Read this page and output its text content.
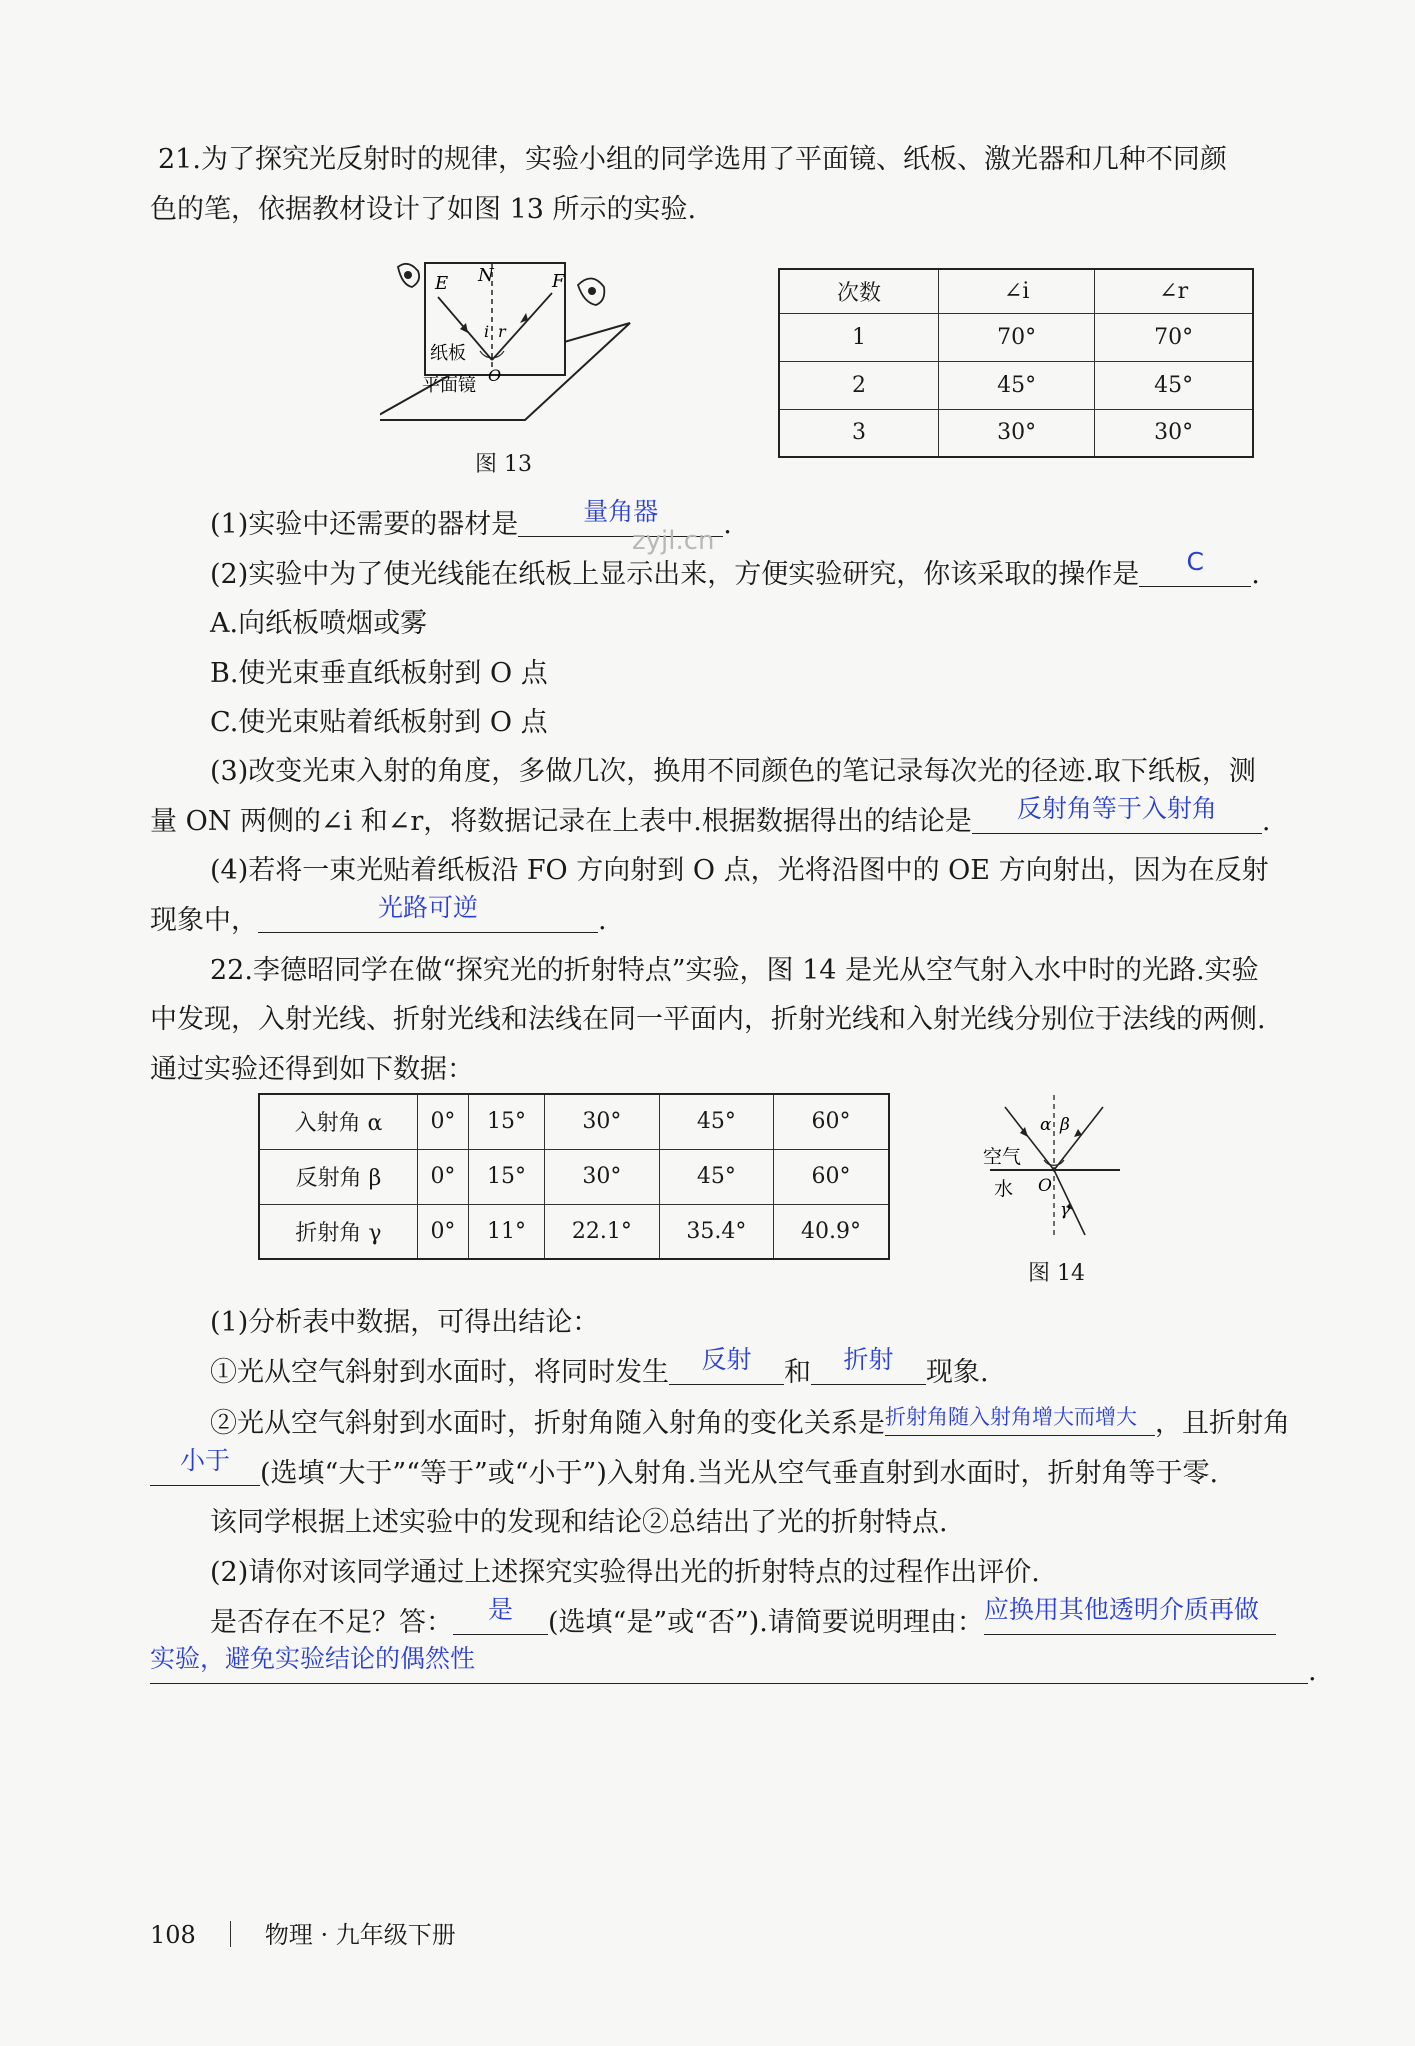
21.为了探究光反射时的规律，实验小组的同学选用了平面镜、纸板、激光器和几种不同颜
色的笔，依据教材设计了如图 13 所示的实验.
E N	F
i r
O
纸板
平面镜
图 13
次数	∠i	∠r
1	70°	70°
2	45°	45°
3	30°	30°
(1)实验中还需要的器材是	量角器	.
zyjl.cn
(2)实验中为了使光线能在纸板上显示出来，方便实验研究，你该采取的操作是	C	.
A.向纸板喷烟或雾
B.使光束垂直纸板射到 O 点
C.使光束贴着纸板射到 O 点
(3)改变光束入射的角度，多做几次，换用不同颜色的笔记录每次光的径迹.取下纸板，测
量 ON 两侧的∠i 和∠r，将数据记录在上表中.根据数据得出的结论是	反射角等于入射角	.
(4)若将一束光贴着纸板沿 FO 方向射到 O 点，光将沿图中的 OE 方向射出，因为在反射
现象中，	光路可逆	.
22.李德昭同学在做“探究光的折射特点”实验，图 14 是光从空气射入水中时的光路.实验
中发现，入射光线、折射光线和法线在同一平面内，折射光线和入射光线分别位于法线的两侧.
通过实验还得到如下数据：
入射角 α	0°	15°	30°	45°	60°
反射角 β	0°	15°	30°	45°	60°
折射角 γ	0°	11°	22.1°	35.4°	40.9°
α β
空气
水 O
γ
图 14
(1)分析表中数据，可得出结论：
①光从空气斜射到水面时，将同时发生	反射	和	折射	现象.
②光从空气斜射到水面时，折射角随入射角的变化关系是 折射角随入射角增大而增大 ，且折射角
小于	(选填“大于”“等于”或“小于”)入射角.当光从空气垂直射到水面时，折射角等于零.
该同学根据上述实验中的发现和结论②总结出了光的折射特点.
(2)请你对该同学通过上述探究实验得出光的折射特点的过程作出评价.
是否存在不足？答：	是	(选填“是”或“否”).请简要说明理由： 应换用其他透明介质再做
实验，避免实验结论的偶然性	.
108	物理 · 九年级下册
